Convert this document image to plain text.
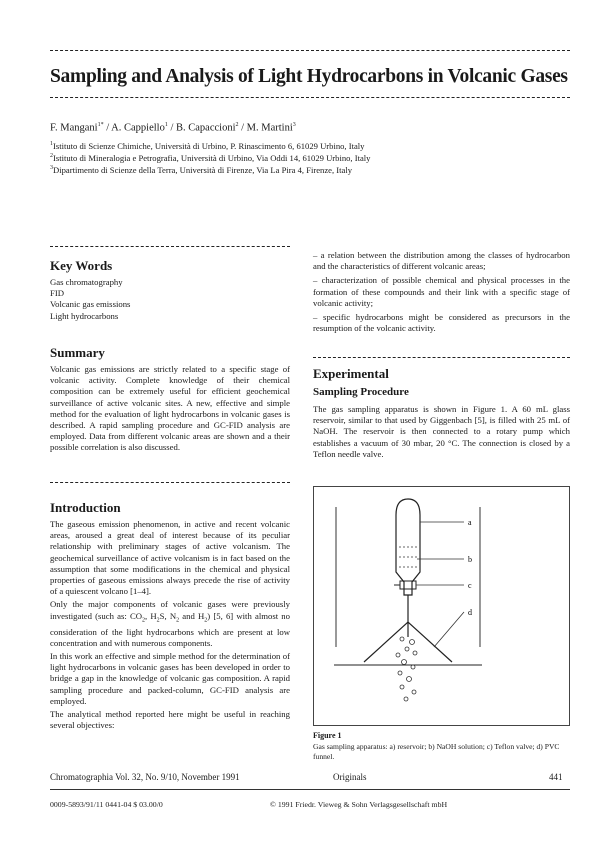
Sampling and Analysis of Light Hydrocarbons in Volcanic Gases
F. Mangani$^{1*}$ / A. Cappiello$^1$ / B. Capaccioni$^2$ / M. Martini$^3$
$^1$Istituto di Scienze Chimiche, Università di Urbino, P. Rinascimento 6, 61029 Urbino, Italy
$^2$Istituto di Mineralogia e Petrografia, Università di Urbino, Via Oddi 14, 61029 Urbino, Italy
$^3$Dipartimento di Scienze della Terra, Università di Firenze, Via La Pira 4, Firenze, Italy
Key Words
Gas chromatography
FID
Volcanic gas emissions
Light hydrocarbons
Summary
Volcanic gas emissions are strictly related to a specific stage of volcanic activity. Complete knowledge of their chemical composition can be extremely useful for efficient geochemical surveillance of active volcanic sites. A new, effective and simple method for the evaluation of light hydrocarbons in volcanic gases is described. A rapid sampling procedure and GC-FID analysis are employed. Data from different volcanic areas are shown and a their possible correlation is also discussed.
Introduction
The gaseous emission phenomenon, in active and recent volcanic areas, aroused a great deal of interest because of its peculiar relationship with preliminary stages of active volcanism. The geochemical surveillance of active volcanism is in fact based on the assumption that some modifications in the chemical and physical properties of gaseous emissions always precede the rise of activity of a quiescent volcano [1–4].
Only the major components of volcanic gases were previously investigated (such as: $CO_2$, $H_2S$, $N_2$ and $H_2$) [5, 6] with almost no consideration of the light hydrocarbons which are present at low concentration and with numerous components.
In this work an effective and simple method for the determination of light hydrocarbons in volcanic gases has been developed in order to bridge a gap in the knowledge of volcanic gas composition. A rapid sampling procedure and packed-column, GC-FID analysis are employed.
The analytical method reported here might be useful in reaching several objectives:
– a relation between the distribution among the classes of hydrocarbon and the characteristics of different volcanic areas;
– characterization of possible chemical and physical processes in the formation of these compounds and their link with a specific stage of volcanic activity;
– specific hydrocarbons might be considered as precursors in the resumption of the volcanic activity.
Experimental
Sampling Procedure
The gas sampling apparatus is shown in Figure 1. A 60 mL glass reservoir, similar to that used by Giggenbach [5], is filled with 25 mL of NaOH. The reservoir is then connected to a rotary pump which establishes a vacuum of 30 mbar, 20 °C. The connection is closed by a Teflon needle valve.
a
b
c
d
Figure 1
Gas sampling apparatus: a) reservoir; b) NaOH solution; c) Teflon valve; d) PVC funnel.
Chromatographia Vol. 32, No. 9/10, November 1991	Originals	441
0009-5893/91/11 0441-04 $ 03.00/0	© 1991 Friedr. Vieweg & Sohn Verlagsgesellschaft mbH
